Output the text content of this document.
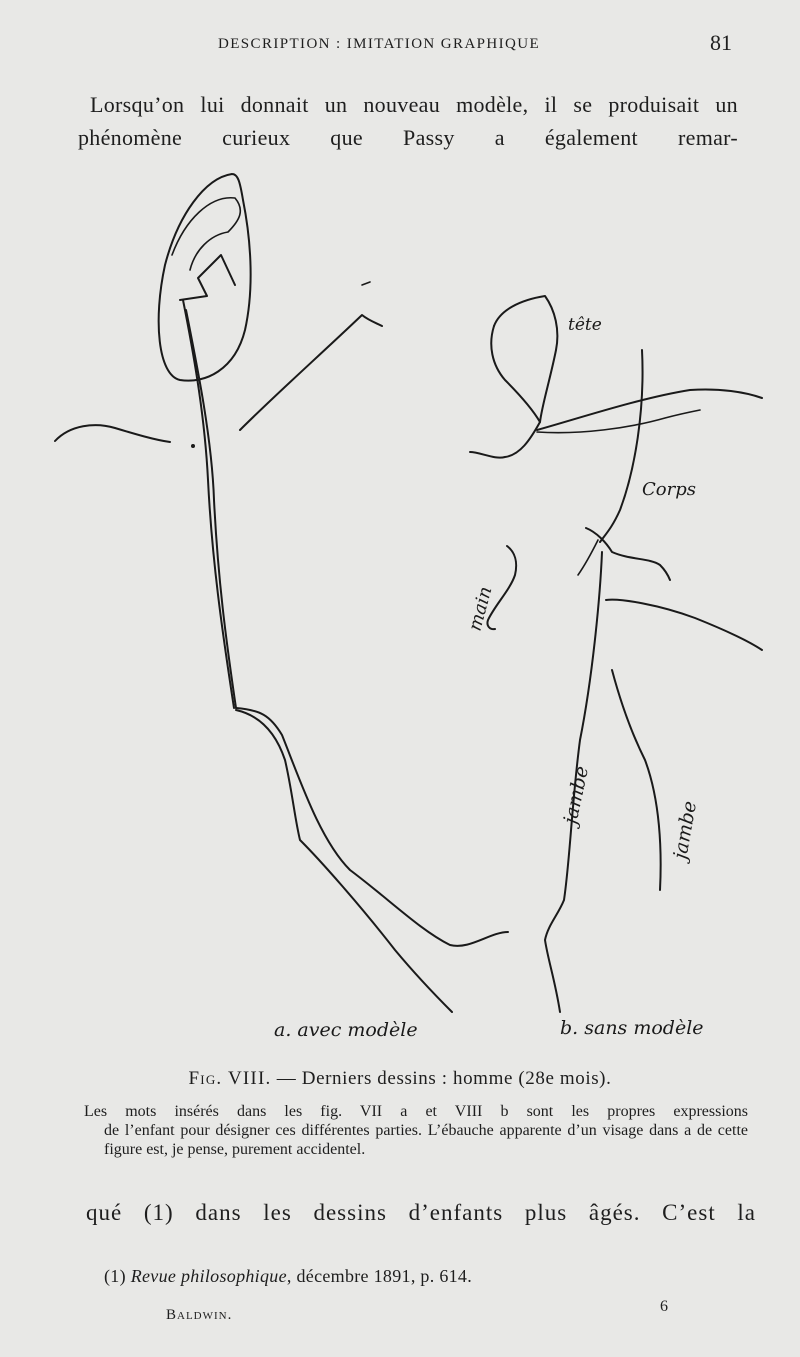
DESCRIPTION : IMITATION GRAPHIQUE	81
Lorsqu’on lui donnait un nouveau modèle, il se produisait un phénomène curieux que Passy a également remar-
tête
Corps
main
jambe
jambe
a. avec modèle	b. sans modèle
Fig. VIII. — Derniers dessins : homme (28e mois).
Les mots insérés dans les fig. VII a et VIII b sont les propres expressions
de l’enfant pour désigner ces différentes parties. L’ébauche apparente d’un visage dans a de cette figure est, je pense, purement accidentel.
qué (1) dans les dessins d’enfants plus âgés. C’est la
(1) Revue philosophique, décembre 1891, p. 614.
Baldwin.	6
